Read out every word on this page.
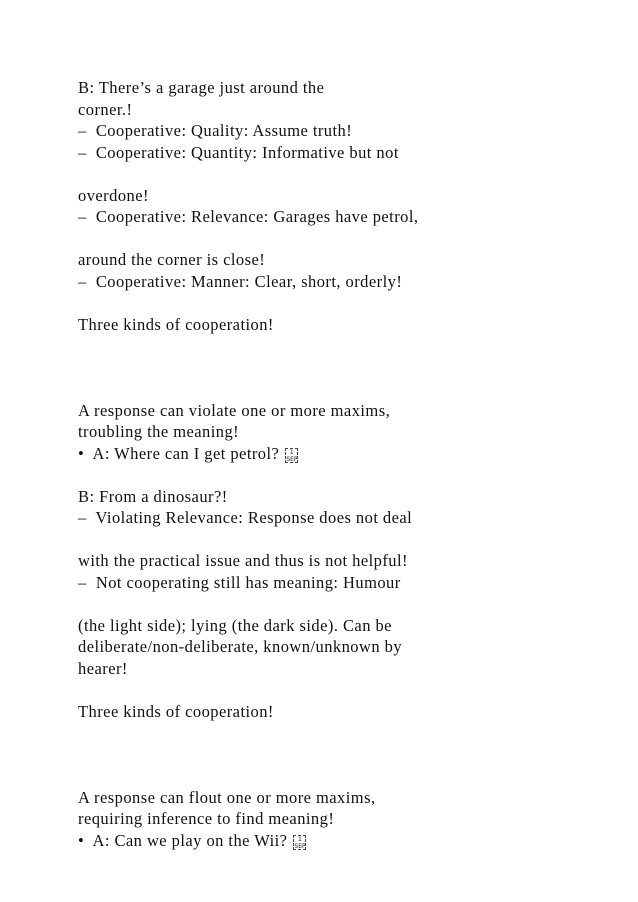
B: There’s a garage just around the
corner.!
–  Cooperative: Quality: Assume truth!
–  Cooperative: Quantity: Informative but not
overdone!
–  Cooperative: Relevance: Garages have petrol,
around the corner is close!
–  Cooperative: Manner: Clear, short, orderly!
Three kinds of cooperation!
A response can violate one or more maxims,
troubling the meaning!
•  A: Where can I get petrol? 1
SEP
B: From a dinosaur?!
–  Violating Relevance: Response does not deal
with the practical issue and thus is not helpful!
–  Not cooperating still has meaning: Humour
(the light side); lying (the dark side). Can be
deliberate/non-deliberate, known/unknown by
hearer!
Three kinds of cooperation!
A response can flout one or more maxims,
requiring inference to find meaning!
•  A: Can we play on the Wii? 1
SEP
